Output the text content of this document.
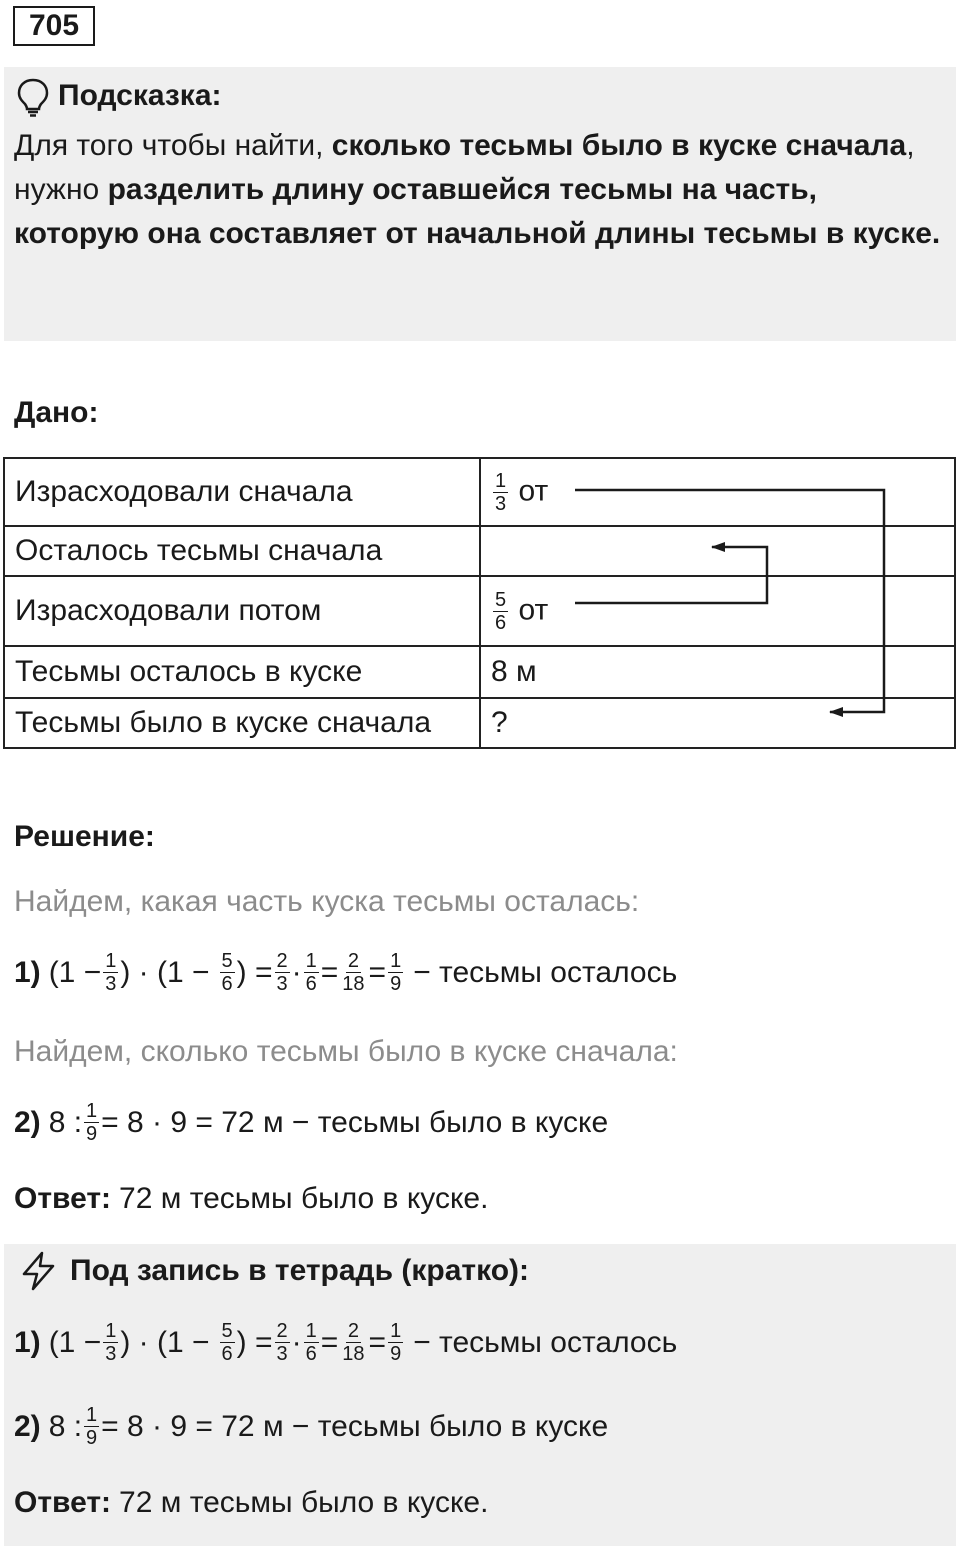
705
Подсказка:
Для того чтобы найти, сколько тесьмы было в куске сначала, нужно разделить длину оставшейся тесьмы на часть, которую она составляет от начальной длины тесьмы в куске.
Дано:
Израсходовали сначала	$\frac{1}{3}$ от
Осталось тесьмы сначала	
Израсходовали потом	$\frac{5}{6}$ от
Тесьмы осталось в куске	8 м
Тесьмы было в куске сначала	?
Решение:
Найдем, какая часть куска тесьмы осталась:
1) ($1 - \frac{1}{3}$ ) · ($1 - \frac{5}{6}$ ) = $\frac{2}{3} \cdot \frac{1}{6} = \frac{2}{18} = \frac{1}{9}$ − тесьмы осталось
Найдем, сколько тесьмы было в куске сначала:
2) 8 : $\frac{1}{9} = 8 \cdot 9 = 72$ м − тесьмы было в куске
Ответ: 72 м тесьмы было в куске.
Под запись в тетрадь (кратко):
1) ($1 - \frac{1}{3}$ ) · ($1 - \frac{5}{6}$ ) = $\frac{2}{3} \cdot \frac{1}{6} = \frac{2}{18} = \frac{1}{9}$ − тесьмы осталось
2) 8 : $\frac{1}{9} = 8 \cdot 9 = 72$ м − тесьмы было в куске
Ответ: 72 м тесьмы было в куске.
